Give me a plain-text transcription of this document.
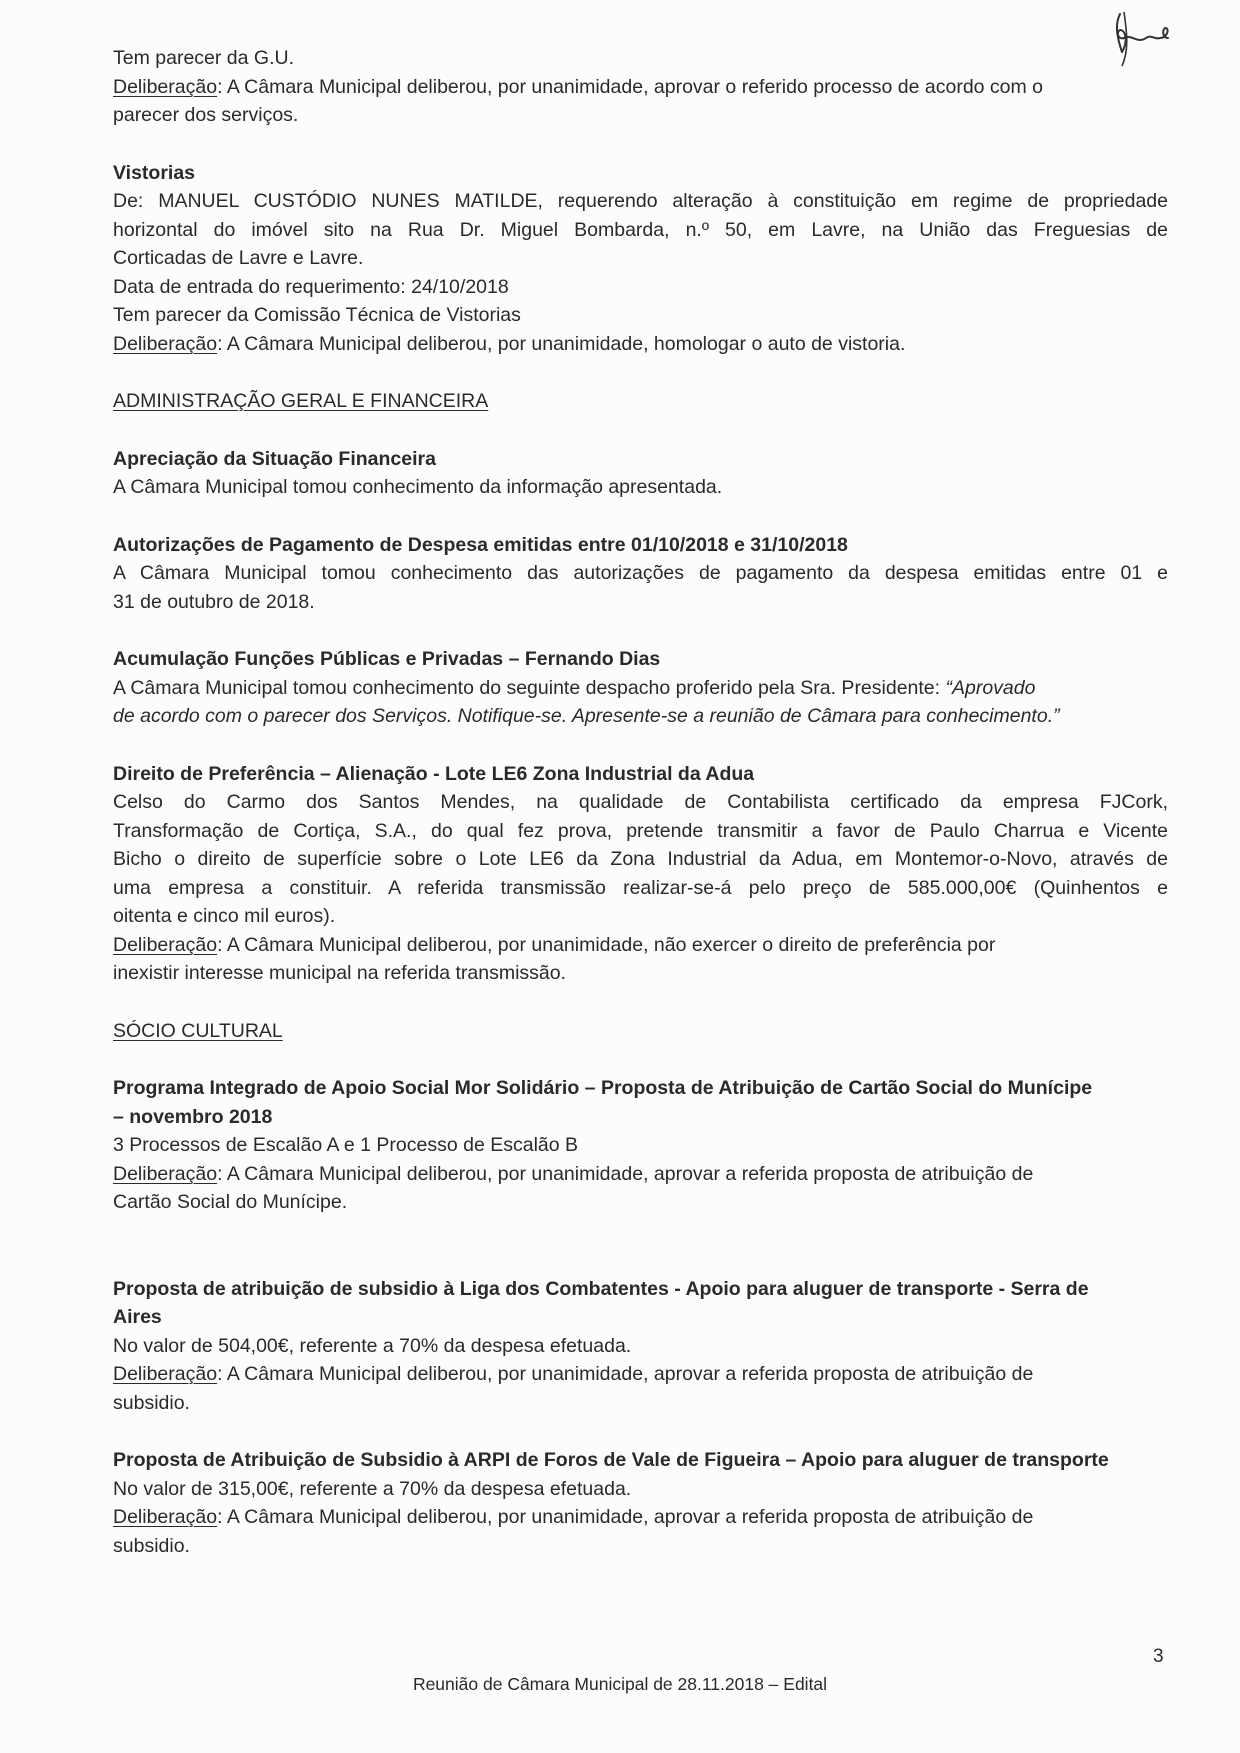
Tem parecer da G.U.

Deliberação: A Câmara Municipal deliberou, por unanimidade, aprovar o referido processo de acordo com o

parecer dos serviços.

Vistorias

De: MANUEL CUSTÓDIO NUNES MATILDE, requerendo alteração à constituição em regime de propriedade

horizontal do imóvel sito na Rua Dr. Miguel Bombarda, n.º 50, em Lavre, na União das Freguesias de

Corticadas de Lavre e Lavre.

Data de entrada do requerimento: 24/10/2018

Tem parecer da Comissão Técnica de Vistorias

Deliberação: A Câmara Municipal deliberou, por unanimidade, homologar o auto de vistoria.

ADMINISTRAÇÃO GERAL E FINANCEIRA

Apreciação da Situação Financeira

A Câmara Municipal tomou conhecimento da informação apresentada.

Autorizações de Pagamento de Despesa emitidas entre 01/10/2018 e 31/10/2018

A Câmara Municipal tomou conhecimento das autorizações de pagamento da despesa emitidas entre 01 e

31 de outubro de 2018.

Acumulação Funções Públicas e Privadas – Fernando Dias

A Câmara Municipal tomou conhecimento do seguinte despacho proferido pela Sra. Presidente: “Aprovado

de acordo com o parecer dos Serviços. Notifique-se. Apresente-se a reunião de Câmara para conhecimento.”

Direito de Preferência – Alienação - Lote LE6 Zona Industrial da Adua

Celso do Carmo dos Santos Mendes, na qualidade de Contabilista certificado da empresa FJCork,

Transformação de Cortiça, S.A., do qual fez prova, pretende transmitir a favor de Paulo Charrua e Vicente

Bicho o direito de superfície sobre o Lote LE6 da Zona Industrial da Adua, em Montemor-o-Novo, através de

uma empresa a constituir. A referida transmissão realizar-se-á pelo preço de 585.000,00€ (Quinhentos e

oitenta e cinco mil euros).

Deliberação: A Câmara Municipal deliberou, por unanimidade, não exercer o direito de preferência por

inexistir interesse municipal na referida transmissão.

SÓCIO CULTURAL

Programa Integrado de Apoio Social Mor Solidário – Proposta de Atribuição de Cartão Social do Munícipe

– novembro 2018

3 Processos de Escalão A e 1 Processo de Escalão B

Deliberação: A Câmara Municipal deliberou, por unanimidade, aprovar a referida proposta de atribuição de

Cartão Social do Munícipe.

Proposta de atribuição de subsidio à Liga dos Combatentes - Apoio para aluguer de transporte - Serra de

Aires

No valor de 504,00€, referente a 70% da despesa efetuada.

Deliberação: A Câmara Municipal deliberou, por unanimidade, aprovar a referida proposta de atribuição de

subsidio.

Proposta de Atribuição de Subsidio à ARPI de Foros de Vale de Figueira – Apoio para aluguer de transporte

No valor de 315,00€, referente a 70% da despesa efetuada.

Deliberação: A Câmara Municipal deliberou, por unanimidade, aprovar a referida proposta de atribuição de

subsidio.

3
Reunião de Câmara Municipal de 28.11.2018 – Edital
